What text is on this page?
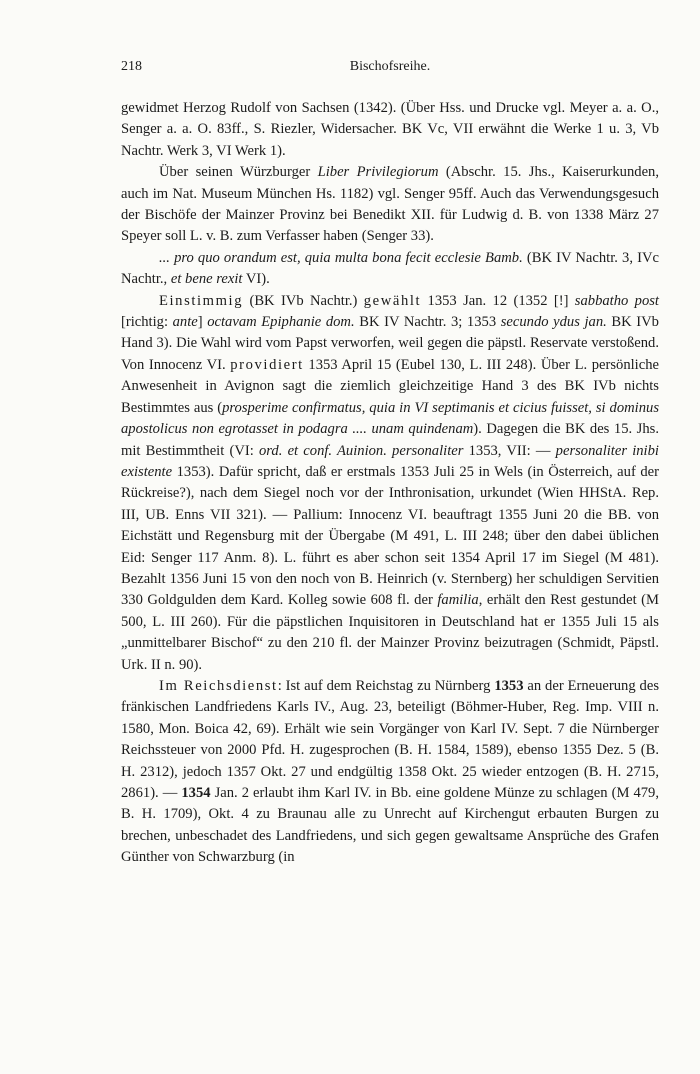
218	Bischofsreihe.

gewidmet Herzog Rudolf von Sachsen (1342). (Über Hss. und Drucke vgl. Meyer a. a. O., Senger a. a. O. 83ff., S. Riezler, Widersacher. BK Vc, VII erwähnt die Werke 1 u. 3, Vb Nachtr. Werk 3, VI Werk 1).

Über seinen Würzburger Liber Privilegiorum (Abschr. 15. Jhs., Kaiserurkunden, auch im Nat. Museum München Hs. 1182) vgl. Senger 95ff. Auch das Verwendungsgesuch der Bischöfe der Mainzer Provinz bei Benedikt XII. für Ludwig d. B. von 1338 März 27 Speyer soll L. v. B. zum Verfasser haben (Senger 33).

... pro quo orandum est, quia multa bona fecit ecclesie Bamb. (BK IV Nachtr. 3, IVc Nachtr., et bene rexit VI).

Einstimmig (BK IVb Nachtr.) gewählt 1353 Jan. 12 (1352 [!] sabbatho post [richtig: ante] octavam Epiphanie dom. BK IV Nachtr. 3; 1353 secundo ydus jan. BK IVb Hand 3). Die Wahl wird vom Papst verworfen, weil gegen die päpstl. Reservate verstoßend. Von Innocenz VI. providiert 1353 April 15 (Eubel 130, L. III 248). Über L. persönliche Anwesenheit in Avignon sagt die ziemlich gleichzeitige Hand 3 des BK IVb nichts Bestimmtes aus (prosperime confirmatus, quia in VI septimanis et cicius fuisset, si dominus apostolicus non egrotasset in podagra .... unam quindenam). Dagegen die BK des 15. Jhs. mit Bestimmtheit (VI: ord. et conf. Auinion. personaliter 1353, VII: — personaliter inibi existente 1353). Dafür spricht, daß er erstmals 1353 Juli 25 in Wels (in Österreich, auf der Rückreise?), nach dem Siegel noch vor der Inthronisation, urkundet (Wien HHStA. Rep. III, UB. Enns VII 321). — Pallium: Innocenz VI. beauftragt 1355 Juni 20 die BB. von Eichstätt und Regensburg mit der Übergabe (M 491, L. III 248; über den dabei üblichen Eid: Senger 117 Anm. 8). L. führt es aber schon seit 1354 April 17 im Siegel (M 481). Bezahlt 1356 Juni 15 von den noch von B. Heinrich (v. Sternberg) her schuldigen Servitien 330 Goldgulden dem Kard. Kolleg sowie 608 fl. der familia, erhält den Rest gestundet (M 500, L. III 260). Für die päpstlichen Inquisitoren in Deutschland hat er 1355 Juli 15 als „unmittelbarer Bischof“ zu den 210 fl. der Mainzer Provinz beizutragen (Schmidt, Päpstl. Urk. II n. 90).

Im Reichsdienst: Ist auf dem Reichstag zu Nürnberg 1353 an der Erneuerung des fränkischen Landfriedens Karls IV., Aug. 23, beteiligt (Böhmer-Huber, Reg. Imp. VIII n. 1580, Mon. Boica 42, 69). Erhält wie sein Vorgänger von Karl IV. Sept. 7 die Nürnberger Reichssteuer von 2000 Pfd. H. zugesprochen (B. H. 1584, 1589), ebenso 1355 Dez. 5 (B. H. 2312), jedoch 1357 Okt. 27 und endgültig 1358 Okt. 25 wieder entzogen (B. H. 2715, 2861). — 1354 Jan. 2 erlaubt ihm Karl IV. in Bb. eine goldene Münze zu schlagen (M 479, B. H. 1709), Okt. 4 zu Braunau alle zu Unrecht auf Kirchengut erbauten Burgen zu brechen, unbeschadet des Landfriedens, und sich gegen gewaltsame Ansprüche des Grafen Günther von Schwarzburg (in
